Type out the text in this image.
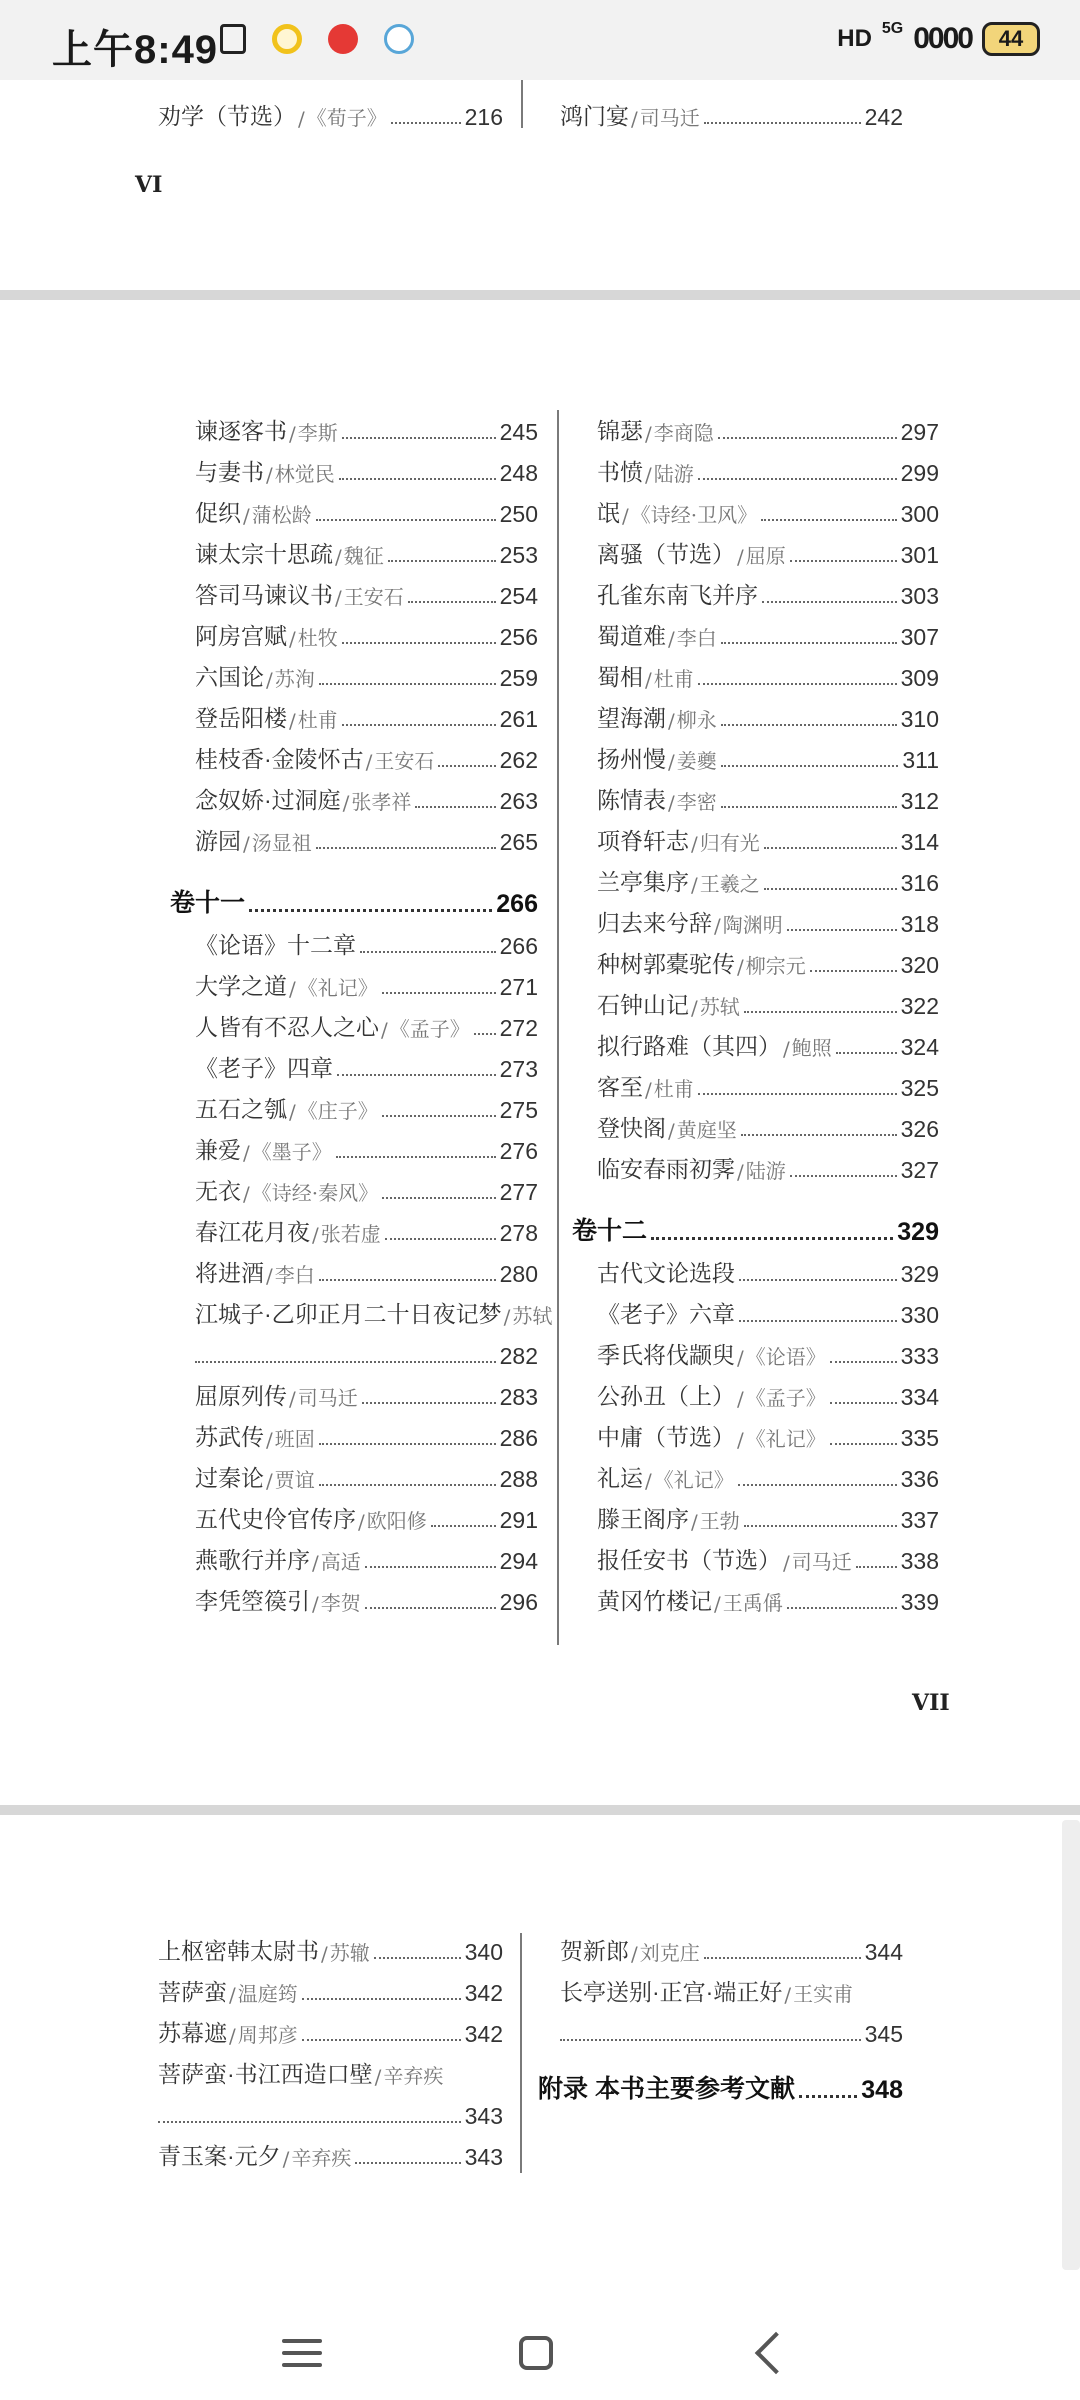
上午8:49	HD 5G 0000 44
劝学（节选） / 《荀子》	216 鸿门宴 / 司马迁	242
VI
谏逐客书 / 李斯	245
与妻书 / 林觉民	248
促织 / 蒲松龄	250
谏太宗十思疏 / 魏征	253
答司马谏议书 / 王安石	254
阿房宫赋 / 杜牧	256
六国论 / 苏洵	259
登岳阳楼 / 杜甫	261
桂枝香·金陵怀古 / 王安石	262
念奴娇·过洞庭 / 张孝祥	263
游园 / 汤显祖	265
卷十一	266
《论语》十二章	266
大学之道 / 《礼记》	271
人皆有不忍人之心 / 《孟子》 272
《老子》四章	273
五石之瓠 / 《庄子》	275
兼爱 / 《墨子》	276
无衣 / 《诗经·秦风》	277
春江花月夜 / 张若虚	278
将进酒 / 李白	280
江城子·乙卯正月二十日夜记梦 / 苏轼
282
屈原列传 / 司马迁	283
苏武传 / 班固	286
过秦论 / 贾谊	288
五代史伶官传序 / 欧阳修	291
燕歌行并序 / 高适	294
李凭箜篌引 / 李贺	296
锦瑟 / 李商隐	297
书愤 / 陆游	299
氓 / 《诗经·卫风》	300
离骚（节选） / 屈原	301
孔雀东南飞并序	303
蜀道难 / 李白	307
蜀相 / 杜甫	309
望海潮 / 柳永	310
扬州慢 / 姜夔	311
陈情表 / 李密	312
项脊轩志 / 归有光	314
兰亭集序 / 王羲之	316
归去来兮辞 / 陶渊明	318
种树郭橐驼传 / 柳宗元	320
石钟山记 / 苏轼	322
拟行路难（其四） / 鲍照	324
客至 / 杜甫	325
登快阁 / 黄庭坚	326
临安春雨初霁 / 陆游	327
卷十二	329
古代文论选段	329
《老子》六章	330
季氏将伐颛臾 / 《论语》	333
公孙丑（上） / 《孟子》	334
中庸（节选） / 《礼记》	335
礼运 / 《礼记》	336
滕王阁序 / 王勃	337
报任安书（节选） / 司马迁 338
黄冈竹楼记 / 王禹偁	339
VII
上枢密韩太尉书 / 苏辙	340
菩萨蛮 / 温庭筠	342
苏幕遮 / 周邦彦	342
菩萨蛮·书江西造口壁 / 辛弃疾
343
青玉案·元夕 / 辛弃疾	343
贺新郎 / 刘克庄	344
长亭送别·正宫·端正好 / 王实甫
345
附录 本书主要参考文献	348
